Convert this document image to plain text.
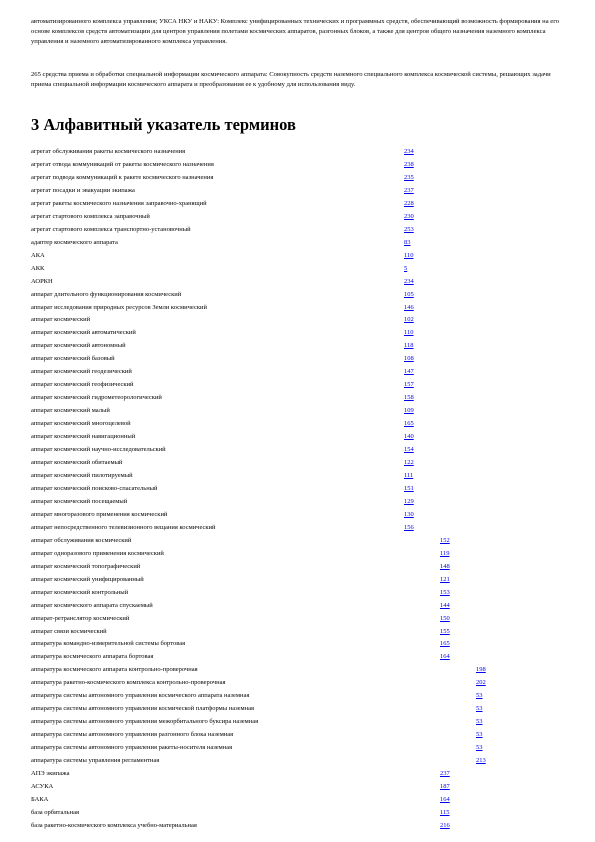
автоматизированного комплекса управления; УКСА НКУ и НАКУ: Комплекс унифицированных технических и программных средств, обеспечивающий возможность формирования на его основе комплексов средств автоматизации для центров управления полетами космических аппаратов, разгонных блоков, а также для центров общего назначения наземного комплекса управления и наземного автоматизированного комплекса управления.
265 средства приема и обработки специальной информации космического аппарата: Совокупность средств наземного специального комплекса космической системы, решающих задачи приема специальной информации космического аппарата и преобразования ее к удобному для использования виду.
3 Алфавитный указатель терминов
агрегат обслуживания ракеты космического назначения	234
агрегат отвода коммуникаций от ракеты космического назначения	238
агрегат подвода коммуникаций к ракете космического назначения	235
агрегат посадки и эвакуации экипажа	237
агрегат ракеты космического назначения заправочно-хранящий	228
агрегат стартового комплекса заправочный	230
агрегат стартового комплекса транспортно-установочный	253
адаптер космического аппарата	83
АКА	110
АКК	5
АОРКН	234
аппарат длительного функционирования космический	105
аппарат исследования природных ресурсов Земли космический	146
аппарат космический	102
аппарат космический автоматический	110
аппарат космический автономный	118
аппарат космический базовый	108
аппарат космический геодезический	147
аппарат космический геофизический	157
аппарат космический гидрометеорологический	158
аппарат космический малый	109
аппарат космический многоцелевой	165
аппарат космический навигационный	140
аппарат космический научно-исследовательский	154
аппарат космический обитаемый	122
аппарат космический пилотируемый	111
аппарат космический поисково-спасательный	151
аппарат космический посещаемый	129
аппарат многоразового применения космический	130
аппарат непосредственного телевизионного вещания космический	156
аппарат обслуживания космический	152
аппарат одноразового применения космический	119
аппарат космический топографический	148
аппарат космический унифицированный	121
аппарат космический контрольный	153
аппарат космического аппарата спускаемый	144
аппарат-ретранслятор космический	150
аппарат связи космический	155
аппаратура командно-измерительной системы бортовая	165
аппаратура космического аппарата бортовая	164
аппаратура космического аппарата контрольно-проверочная	198
аппаратура ракетно-космического комплекса контрольно-проверочная	202
аппаратура системы автономного управления космического аппарата наземная	53
аппаратура системы автономного управления космической платформы наземная	53
аппаратура системы автономного управления межорбитального буксира наземная	53
аппаратура системы автономного управления разгонного блока наземная	53
аппаратура системы автономного управления ракеты-носителя наземная	53
аппаратура системы управления регламентная	213
АПЭ экипажа	237
АСУКА	187
БАКА	164
база орбитальная	115
база ракетно-космического комплекса учебно-материальная	216
